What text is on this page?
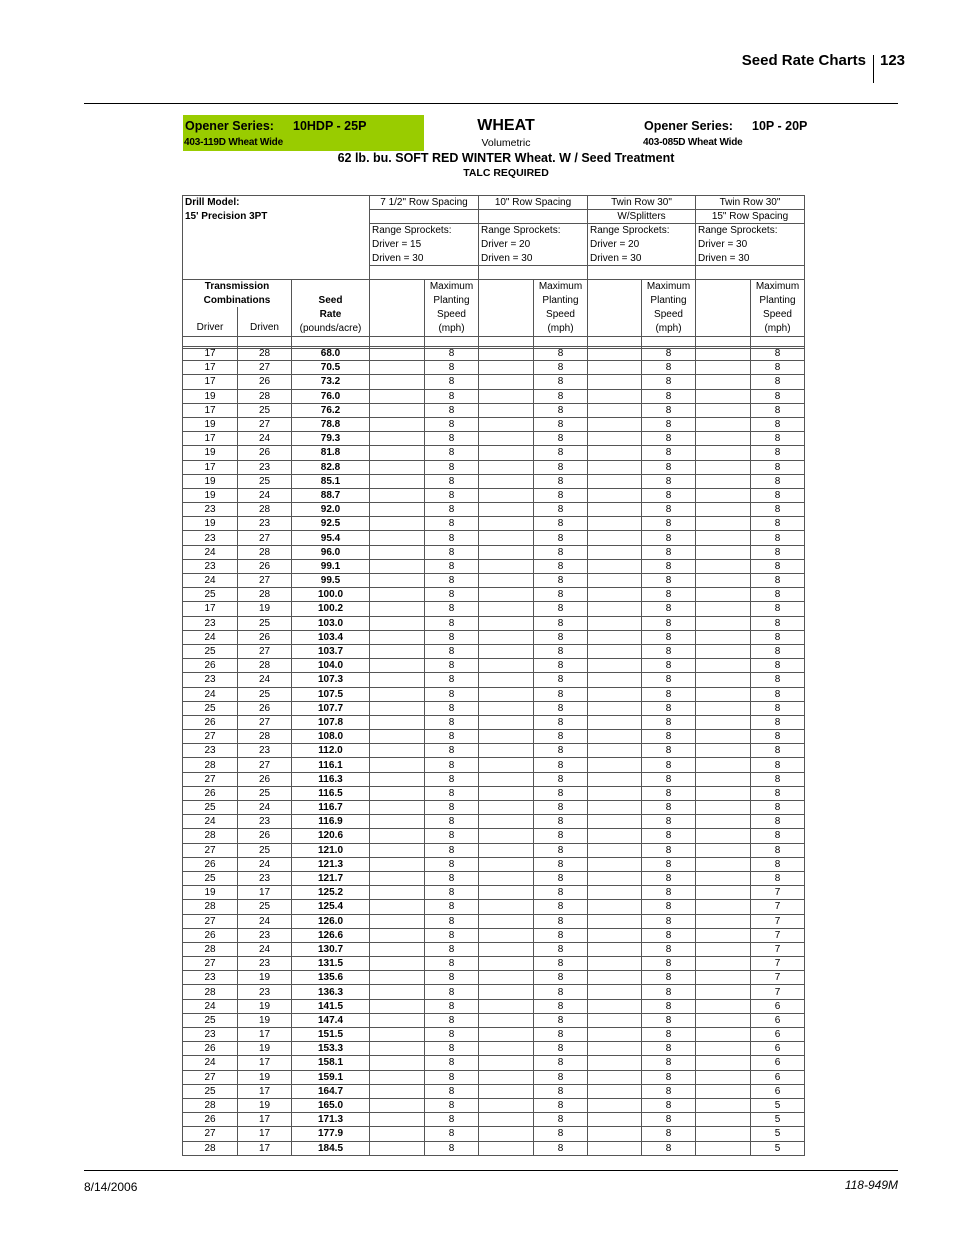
Seed Rate Charts 123
Opener Series: 10HDP - 25P
403-119D Wheat Wide
WHEAT
Volumetric
62 lb. bu. SOFT RED WINTER Wheat. W / Seed Treatment
TALC REQUIRED
Opener Series: 10P - 20P
403-085D Wheat Wide
Drill Model:
15' Precision 3PT
7 1/2" Row Spacing
Range Sprockets:
Driver = 15
Driven = 30
10" Row Spacing
Range Sprockets:
Driver = 20
Driven = 30
Twin Row 30"
W/Splitters
Range Sprockets:
Driver = 20
Driven = 30
Twin Row 30"
15" Row Spacing
Range Sprockets:
Driver = 30
Driven = 30
Transmission
Combinations
Driver	Driven
Seed
Rate
(pounds/acre)
Maximum
Planting
Speed
(mph)
Maximum
Planting
Speed
(mph)
Maximum
Planting
Speed
(mph)
Maximum
Planting
Speed
(mph)

17	28	68.0		8		8		8		8
17	27	70.5		8		8		8		8
17	26	73.2		8		8		8		8
19	28	76.0		8		8		8		8
17	25	76.2		8		8		8		8
19	27	78.8		8		8		8		8
17	24	79.3		8		8		8		8
19	26	81.8		8		8		8		8
17	23	82.8		8		8		8		8
19	25	85.1		8		8		8		8
19	24	88.7		8		8		8		8
23	28	92.0		8		8		8		8
19	23	92.5		8		8		8		8
23	27	95.4		8		8		8		8
24	28	96.0		8		8		8		8
23	26	99.1		8		8		8		8
24	27	99.5		8		8		8		8
25	28	100.0		8		8		8		8
17	19	100.2		8		8		8		8
23	25	103.0		8		8		8		8
24	26	103.4		8		8		8		8
25	27	103.7		8		8		8		8
26	28	104.0		8		8		8		8
23	24	107.3		8		8		8		8
24	25	107.5		8		8		8		8
25	26	107.7		8		8		8		8
26	27	107.8		8		8		8		8
27	28	108.0		8		8		8		8
23	23	112.0		8		8		8		8
28	27	116.1		8		8		8		8
27	26	116.3		8		8		8		8
26	25	116.5		8		8		8		8
25	24	116.7		8		8		8		8
24	23	116.9		8		8		8		8
28	26	120.6		8		8		8		8
27	25	121.0		8		8		8		8
26	24	121.3		8		8		8		8
25	23	121.7		8		8		8		8
19	17	125.2		8		8		8		7
28	25	125.4		8		8		8		7
27	24	126.0		8		8		8		7
26	23	126.6		8		8		8		7
28	24	130.7		8		8		8		7
27	23	131.5		8		8		8		7
23	19	135.6		8		8		8		7
28	23	136.3		8		8		8		7
24	19	141.5		8		8		8		6
25	19	147.4		8		8		8		6
23	17	151.5		8		8		8		6
26	19	153.3		8		8		8		6
24	17	158.1		8		8		8		6
27	19	159.1		8		8		8		6
25	17	164.7		8		8		8		6
28	19	165.0		8		8		8		5
26	17	171.3		8		8		8		5
27	17	177.9		8		8		8		5
28	17	184.5		8		8		8		5
8/14/2006	118-949M
